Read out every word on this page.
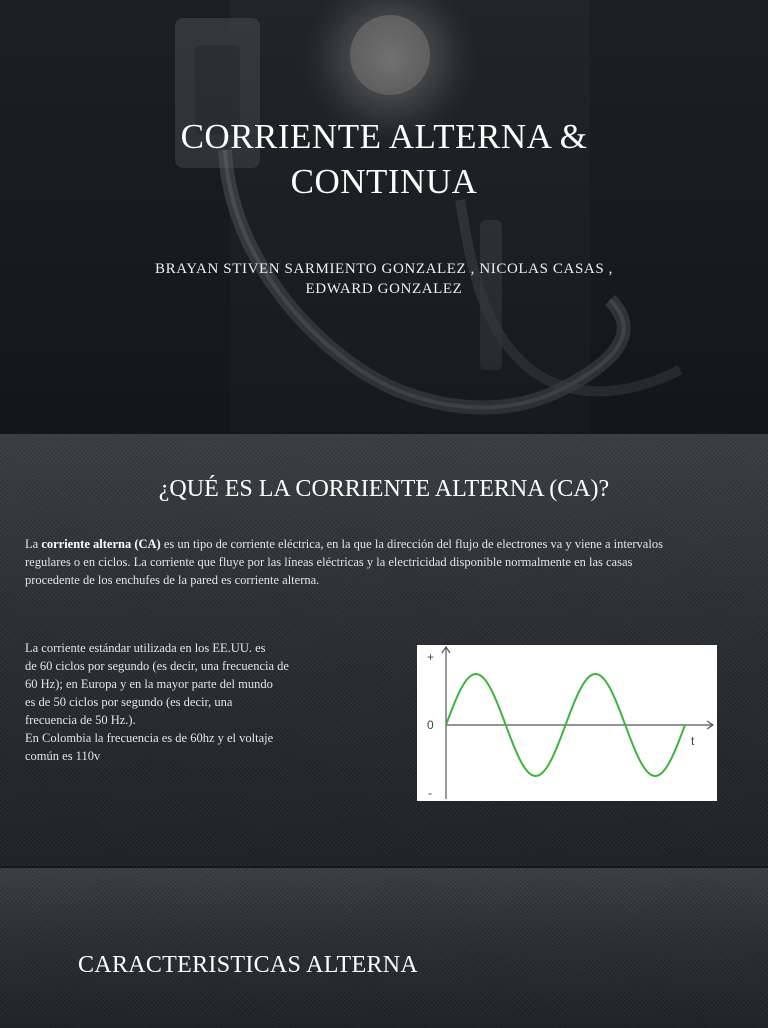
CORRIENTE ALTERNA &
CONTINUA
BRAYAN STIVEN SARMIENTO GONZALEZ , NICOLAS CASAS ,
EDWARD GONZALEZ
¿QUÉ ES LA CORRIENTE ALTERNA (CA)?
La corriente alterna (CA) es un tipo de corriente eléctrica, en la que la dirección del flujo de electrones va y viene a intervalos regulares o en ciclos. La corriente que fluye por las líneas eléctricas y la electricidad disponible normalmente en las casas procedente de los enchufes de la pared es corriente alterna.
La corriente estándar utilizada en los EE.UU. es
de 60 ciclos por segundo (es decir, una frecuencia de
60 Hz); en Europa y en la mayor parte del mundo
es de 50 ciclos por segundo (es decir, una
frecuencia de 50 Hz.).
En Colombia la frecuencia es de 60hz y el voltaje
común es 110v
+
0
-
t
CARACTERISTICAS ALTERNA
